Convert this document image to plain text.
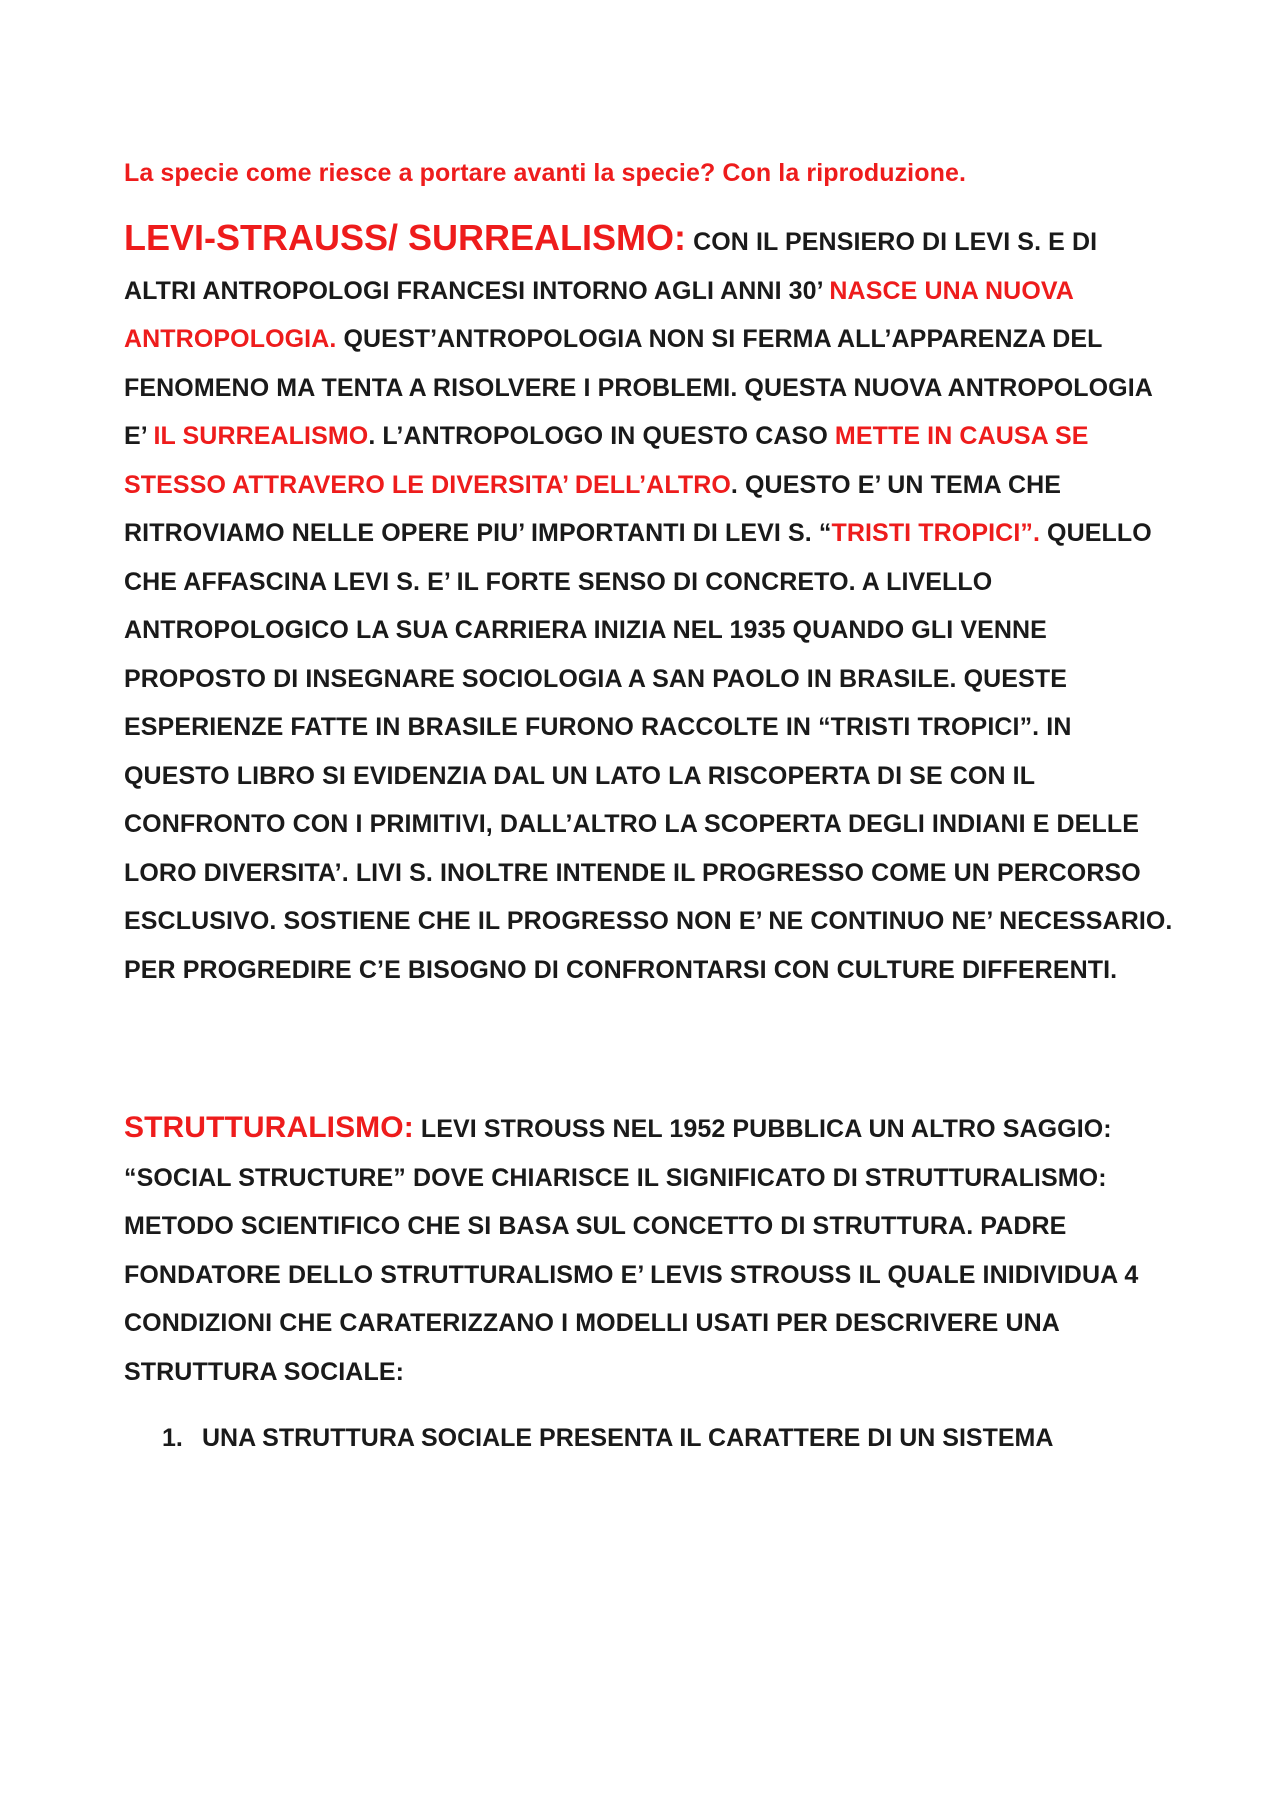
La specie come riesce a portare avanti la specie? Con la riproduzione.

LEVI-STRAUSS/ SURREALISMO: CON IL PENSIERO DI LEVI S. E DI ALTRI ANTROPOLOGI FRANCESI INTORNO AGLI ANNI 30’ NASCE UNA NUOVA ANTROPOLOGIA. QUEST’ANTROPOLOGIA NON SI FERMA ALL’APPARENZA DEL FENOMENO MA TENTA A RISOLVERE I PROBLEMI. QUESTA NUOVA ANTROPOLOGIA E’ IL SURREALISMO. L’ANTROPOLOGO IN QUESTO CASO METTE IN CAUSA SE STESSO ATTRAVERO LE DIVERSITA’ DELL’ALTRO. QUESTO E’ UN TEMA CHE RITROVIAMO NELLE OPERE PIU’ IMPORTANTI DI LEVI S. “TRISTI TROPICI”. QUELLO CHE AFFASCINA LEVI S. E’ IL FORTE SENSO DI CONCRETO. A LIVELLO ANTROPOLOGICO LA SUA CARRIERA INIZIA NEL 1935 QUANDO GLI VENNE PROPOSTO DI INSEGNARE SOCIOLOGIA A SAN PAOLO IN BRASILE. QUESTE ESPERIENZE FATTE IN BRASILE FURONO RACCOLTE IN “TRISTI TROPICI”. IN QUESTO LIBRO SI EVIDENZIA DAL UN LATO LA RISCOPERTA DI SE CON IL CONFRONTO CON I PRIMITIVI, DALL’ALTRO LA SCOPERTA DEGLI INDIANI E DELLE LORO DIVERSITA’. LIVI S. INOLTRE INTENDE IL PROGRESSO COME UN PERCORSO ESCLUSIVO. SOSTIENE CHE IL PROGRESSO NON E’ NE CONTINUO NE’ NECESSARIO. PER PROGREDIRE C’E BISOGNO DI CONFRONTARSI CON CULTURE DIFFERENTI.

STRUTTURALISMO: LEVI STROUSS NEL 1952 PUBBLICA UN ALTRO SAGGIO: “SOCIAL STRUCTURE” DOVE CHIARISCE IL SIGNIFICATO DI STRUTTURALISMO: METODO SCIENTIFICO CHE SI BASA SUL CONCETTO DI STRUTTURA. PADRE FONDATORE DELLO STRUTTURALISMO E’ LEVIS STROUSS IL QUALE INIDIVIDUA 4 CONDIZIONI CHE CARATERIZZANO I MODELLI USATI PER DESCRIVERE UNA STRUTTURA SOCIALE:

1. UNA STRUTTURA SOCIALE PRESENTA IL CARATTERE DI UN SISTEMA
